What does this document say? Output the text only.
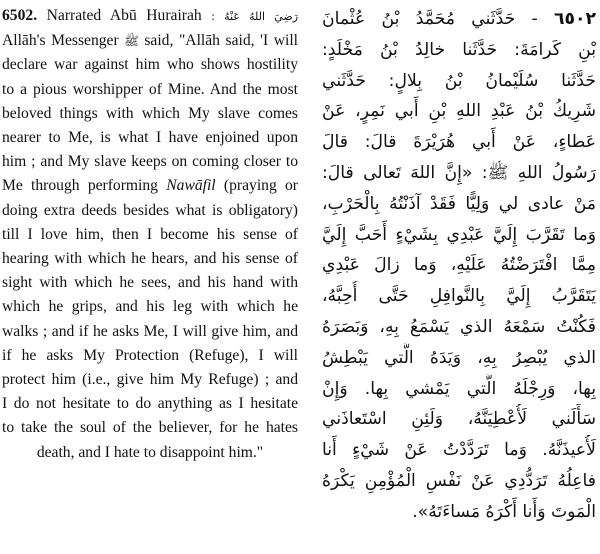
6502. Narrated Abū Hurairah رَضِيَ اللهُ عَنْهُ :
Allāh's Messenger ﷺ said, "Allāh said, 'I will
declare war against him who shows hostility
to a pious worshipper of Mine. And the most
beloved things with which My slave comes
nearer to Me, is what I have enjoined upon
him ; and My slave keeps on coming closer to
Me through performing Nawāfil (praying or
doing extra deeds besides what is obligatory)
till I love him, then I become his sense of
hearing with which he hears, and his sense of
sight with which he sees, and his hand with
which he grips, and his leg with which he
walks ; and if he asks Me, I will give him, and
if he asks My Protection (Refuge), I will
protect him (i.e., give him My Refuge) ; and
I do not hesitate to do anything as I hesitate
to take the soul of the believer, for he hates
death, and I hate to disappoint him."
٦٥٠٢ - حَدَّثَني مُحَمَّدُ بْنُ عُثْمانَ
بْنِ كَرامَةَ: حَدَّثَنا خالِدُ بْنُ مَخْلَدٍ:
حَدَّثَنا سُلَيْمانُ بْنُ بِلالٍ: حَدَّثَني
شَرِيكُ بْنُ عَبْدِ اللهِ بْنِ أَبي نَمِرٍ، عَنْ
عَطاءٍ، عَنْ أَبي هُرَيْرَةَ قالَ: قالَ
رَسُولُ اللهِ ﷺ: «إِنَّ اللهَ تَعالى قالَ:
مَنْ عادى لي وَلِيًّا فَقَدْ آذَنْتُهُ بِالْحَرْبِ،
وَما تَقَرَّبَ إِلَيَّ عَبْدِي بِشَيْءٍ أَحَبَّ إِلَيَّ
مِمَّا افْتَرَضْتُهُ عَلَيْهِ، وَما زالَ عَبْدِي
يَتَقَرَّبُ إِلَيَّ بِالنَّوافِلِ حَتَّى أُحِبَّهُ،
فَكُنْتُ سَمْعَهُ الذي يَسْمَعُ بِهِ، وَبَصَرَهُ
الذي يُبْصِرُ بِهِ، وَيَدَهُ الَّتي يَبْطِشُ
بِها، وَرِجْلَهُ الَّتي يَمْشي بِها. وَإِنْ
سَأَلَني لَأُعْطِيَنَّهُ، وَلَئِنِ اسْتَعاذَني
لَأُعيذَنَّهُ. وَما تَرَدَّدْتُ عَنْ شَيْءٍ أَنا
فاعِلُهُ تَرَدُّدِي عَنْ نَفْسِ الْمُؤْمِنِ يَكْرَهُ
الْمَوتَ وَأَنا أَكْرَهُ مَساءَتَهُ».
